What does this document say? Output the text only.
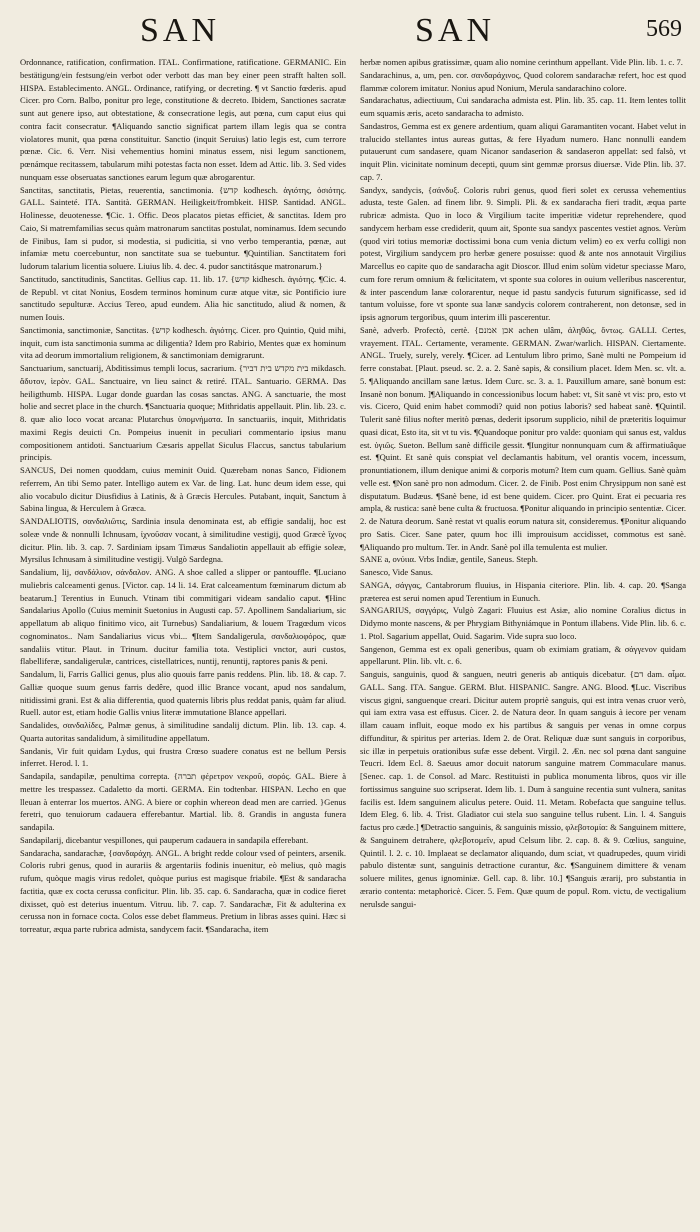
SAN	SAN	569

Ordonnance, ratification, confirmation. ITAL. Confirmatione, ratificatione. GERMANIC. Ein bestätigung/ein festsung/ein verbot oder verbott das man bey einer peen strafft halten soll. HISPA. Establecimento. ANGL. Ordinance, ratifying, or decreting. ¶ vt Sanctio fœderis. apud Cicer. pro Corn. Balbo, ponitur pro lege, constitutione & decreto. Ibidem, Sanctiones sacratæ sunt aut genere ipso, aut obtestatione, & consecratione legis, aut pœna, cum caput eius qui contra facit consecratur. ¶Aliquando sanctio significat partem illam legis qua se contra violatores munit, qua pœna constituitur. Sanctio (inquit Seruius) latio legis est, cum terrore pœnæ. Cic. 6. Verr. Nisi vehementius homini minatus essem, nisi legum sanctionem, pœnámque recitassem, tabularum mihi potestas facta non esset. Idem ad Attic. lib. 3. Sed vides nunquam esse obseruatas sanctiones earum legum quæ abrogarentur.

Sanctitas, sanctitatis, Pietas, reuerentia, sanctimonia. {קדש kodhesch. ἁγιότης, ὁσιότης. GALL. Sainteté. ITA. Santità. GERMAN. Heiligkeit/frombkeit. HISP. Santidad. ANGL. Holinesse, deuotenesse. ¶Cic. 1. Offic. Deos placatos pietas efficiet, & sanctitas. Idem pro Caio, Si matremfamilias secus quàm matronarum sanctitas postulat, nominamus. Idem secundo de Finibus, Iam si pudor, si modestia, si pudicitia, si vno verbo temperantia, pœnæ, aut infamiæ metu coercebuntur, non sanctitate sua se tuebuntur. ¶Quintilian. Sanctitatem fori ludorum talarium licentia soluere. Liuius lib. 4. dec. 4. pudor sanctitásque matronarum.}

Sanctitudo, sanctitudinis, Sanctitas. Gellius cap. 11. lib. 17. {קדש kidhesch. ἁγιότης. ¶Cic. 4. de Republ. vt citat Nonius, Eosdem terminos hominum curæ atque vitæ, sic Pontificio iure sanctitudo sepulturæ. Accius Tereo, apud eundem. Alia hic sanctitudo, aliud & nomen, & numen Iouis.

Sanctimonia, sanctimoniæ, Sanctitas. {קדש kodhesch. ἁγιότης. Cicer. pro Quintio, Quid mihi, inquit, cum ista sanctimonia summa ac diligentia? Idem pro Rabirio, Mentes quæ ex hominum vita ad deorum immortalium religionem, & sanctimoniam demigrarunt.

Sanctuarium, sanctuarij, Abditissimus templi locus, sacrarium. {בית מקדש בית דביר mikdasch. ἄδυτον, ἱερὸν. GAL. Sanctuaire, vn lieu sainct & retiré. ITAL. Santuario. GERMA. Das heiligthumb. HISPA. Lugar donde guardan las cosas sanctas. ANG. A sanctuarie, the most holie and secret place in the church. ¶Sanctuaria quoque; Mithridatis appellauit. Plin. lib. 23. c. 8. quæ alio loco vocat arcana: Plutarchus ὑπομνήματα. In sanctuariis, inquit, Mithridatis maximi Regis deuicti Cn. Pompeius inuenit in peculiari commentario ipsius manu compositionem antidoti. Sanctuarium Cæsaris appellat Siculus Flaccus, sanctus tabularium principis.

SANCUS, Dei nomen quoddam, cuius meminit Ouid. Quærebam nonas Sanco, Fidionem referrem, An tibi Semo pater. Intelligo autem ex Var. de ling. Lat. hunc deum idem esse, qui alio vocabulo dicitur Diusfidius à Latinis, & à Græcis Hercules. Putabant, inquit, Sanctum à Sabina lingua, & Herculem à Græca.

SANDALIOTIS, σανδαλιῶτις, Sardinia insula denominata est, ab effigie sandalij, hoc est soleæ vnde & nonnulli Ichnusam, ἰχνοῦσαν vocant, à similitudine vestigij, quod Græcè ἴχνος dicitur. Plin. lib. 3. cap. 7. Sardiniam ipsam Timæus Sandaliotin appellauit ab effigie soleæ, Myrsilus Ichnusam à similitudine vestigij. Vulgò Sardegna.

Sandalium, lij, σανδάλιον, σάνδαλον. ANG. A shoe called a slipper or pantouffle. ¶Luciano muliebris calceamenti genus. [Victor. cap. 14 li. 14. Erat calceamentum fœminarum dictum ab beatarum.] Terentius in Eunuch. Vtinam tibi commitigari videam sandalio caput. ¶Hinc Sandalarius Apollo (Cuius meminit Suetonius in Augusti cap. 57. Apollinem Sandaliarium, sic appellatum ab aliquo finitimo vico, ait Turnebus) Sandaliarium, & louem Tragœdum vicos cognominatos.. Nam Sandaliarius vicus vbi... ¶Item Sandaligerula, σανδαλιοφόρος, quæ sandaliis vtitur. Plaut. in Trinum. ducitur familia tota. Vestiplici vnctor, auri custos, flabelliferæ, sandaligerulæ, cantrices, cistellatrices, nuntij, renuntij, raptores panis & peni.

Sandalum, li, Farris Gallici genus, plus alio quouis farre panis reddens. Plin. lib. 18. & cap. 7. Galliæ quoque suum genus farris dedêre, quod illic Brance vocant, apud nos sandalum, nitidissimi grani. Est & alia differentia, quod quaternis libris plus reddat panis, quàm far aliud. Ruell. autor est, etiam hodie Gallis vnius literæ immutatione Blance appellari.

Sandalides, σανδαλίδες, Palmæ genus, à similitudine sandalij dictum. Plin. lib. 13. cap. 4. Quarta autoritas sandalidum, à similitudine appellatum.

Sandanis, Vir fuit quidam Lydus, qui frustra Crœso suadere conatus est ne bellum Persis inferret. Herod. l. 1.

Sandapila, sandapilæ, penultima correpta. {תברה φέρετρον νεκροῦ, σορός. GAL. Biere à mettre les trespassez. Cadaletto da morti. GERMA. Ein todtenbar. HISPAN. Lecho en que lleuan à enterrar los muertos. ANG. A biere or cophin whereon dead men are carried. }Genus feretri, quo tenuiorum cadauera efferebantur. Martial. lib. 8. Grandis in angusta funera sandapila.

Sandapilarij, dicebantur vespillones, qui pauperum cadauera in sandapila efferebant.

Sandaracha, sandarachæ, {σανδαράχη. ANGL. A bright redde colour vsed of peinters, arsenik. Coloris rubri genus, quod in aurariis & argentariis fodinis inuenitur, eò melius, quò magis rufum, quòque magis virus redolet, quòque purius est magisque friabile. ¶Est & sandaracha factitia, quæ ex cocta cerussa conficitur. Plin. lib. 35. cap. 6. Sandaracha, quæ in codice fieret dixisset, quò est deterius inuentum. Vitruu. lib. 7. cap. 7. Sandarachæ, Fit & adulterina ex cerussa non in fornace cocta. Colos esse debet flammeus. Pretium in libras asses quini. Hæc si torreatur, æqua parte rubrica admista, sandycem facit. ¶Sandaracha, item

herbæ nomen apibus gratissimæ, quam alio nomine cerinthum appellant. Vide Plin. lib. 1. c. 7.

Sandarachinus, a, um, pen. cor. σανδαράχινος, Quod colorem sandarachæ refert, hoc est quod flammæ colorem imitatur. Nonius apud Nonium, Merula sandarachino colore.

Sandarachatus, adiectiuum, Cui sandaracha admista est. Plin. lib. 35. cap. 11. Item lentes tollit eum squamis æris, aceto sandaracha to admisto.

Sandastros, Gemma est ex genere ardentium, quam aliqui Garamantiten vocant. Habet velut in tralucido stellantes intus aureas guttas, & fere Hyadum numero. Hanc nonnulli eandem putauerunt cum sandasere, quam Nicanor sandaserion & sandaseron appellat: sed falsò, vt inquit Plin. vicinitate nominum decepti, quum sint gemmæ prorsus diuersæ. Vide Plin. lib. 37. cap. 7.

Sandyx, sandycis, {σάνδυξ. Coloris rubri genus, quod fieri solet ex cerussa vehementius adusta, teste Galen. ad finem libr. 9. Simpli. Pli. & ex sandaracha fieri tradit, æqua parte rubricæ admista. Quo in loco & Virgilium tacite imperitiæ videtur reprehendere, quod sandycem herbam esse crediderit, quum ait, Sponte sua sandyx pascentes vestiet agnos. Verùm (quod viri totius memoriæ doctissimi bona cum venia dictum velim) eo ex verfu colligi non potest, Virgilium sandycem pro herbæ genere posuisse: quod & ante nos annotauit Virgilius Marcellus eo capite quo de sandaracha agit Dioscor. Illud enim solùm videtur speciasse Maro, cum fore rerum omnium & fœlicitatem, vt sponte sua colores in ouium velleribus nascerentur, & inter pascendum lanæ colorarentur, neque id pastu sandycis futurum significasse, sed id tantum voluisse, fore vt sponte sua lanæ sandycis colorem contraherent, non detonsæ, sed in ipsis agnorum tergoribus, quum interim illi pascerentur.

Sanè, adverb. Profectò, certè. {אכן אמנם achen ulâm, ἀληθῶς, ὄντως. GALLI. Certes, vrayement. ITAL. Certamente, veramente. GERMAN. Zwar/warlich. HISPAN. Ciertamente. ANGL. Truely, surely, verely. ¶Cicer. ad Lentulum libro primo, Sanè multi ne Pompeium id ferre constabat. [Plaut. pseud. sc. 2. a. 2. Sanè sapis, & consilium placet. Idem Men. sc. vlt. a. 5. ¶Aliquando ancillam sane lætus. Idem Curc. sc. 3. a. 1. Pauxillum amare, sanè bonum est: Insanè non bonum. ]¶Aliquando in concessionibus locum habet: vt, Sit sanè vt vis: pro, esto vt vis. Cicero, Quid enim habet commodi? quid non potius laboris? sed habeat sanè. ¶Quintil. Tulerit sanè filius nofter meritò pœnas, dederit ipsorum supplicio, nihil de præteritis loquimur quasi dicat, Esto ita, sit vt tu vis. ¶Quandoque ponitur pro valde: quoniam qui sanus est, valdus est. ὑγιῶς. Sueton. Bellum sanè difficile gessit. ¶Iungitur nonnunquam cum & affirmatiuâque est. ¶Quint. Et sanè quis conspiat vel declamantis habitum, vel orantis vocem, incessum, pronuntiationem, illum denique animi & corporis motum? Item cum quam. Gellius. Sanè quàm velle est. ¶Non sanè pro non admodum. Cicer. 2. de Finib. Post enim Chrysippum non sanè est disputatum. Budæus. ¶Sanè bene, id est bene quidem. Cicer. pro Quint. Erat ei pecuaria res ampla, & rustica: sanè bene culta & fructuosa. ¶Ponitur aliquando in principio sententiæ. Cicer. 2. de Natura deorum. Sanè restat vt qualis eorum natura sit, consideremus. ¶Ponitur aliquando pro Satis. Cicer. Sane pater, quum hoc illi improuisum accidisset, commotus est sanè. ¶Aliquando pro multum. Ter. in Andr. Sanè pol illa temulenta est mulier.

SANE a, ονύιια. Vrbs Indiæ, gentile, Saneus. Steph.

Sanesco, Vide Sanus.

SANGA, σάγγας, Cantabrorum fluuius, in Hispania citeriore. Plin. lib. 4. cap. 20. ¶Sanga præterea est serui nomen apud Terentium in Eunuch.

SANGARIUS, σαγγάρις, Vulgò Zagari: Fluuius est Asiæ, alio nomine Coralius dictus in Didymo monte nascens, & per Phrygiam Bithyniámque in Pontum illabens. Vide Plin. lib. 6. c. 1. Ptol. Sagarium appellat, Ouid. Sagarim. Vide supra suo loco.

Sangenon, Gemma est ex opali generibus, quam ob eximiam gratiam, & σάγγενον quidam appellarunt. Plin. lib. vlt. c. 6.

Sanguis, sanguinis, quod & sanguen, neutri generis ab antiquis dicebatur. {דם dam. αἷμα. GALL. Sang. ITA. Sangue. GERM. Blut. HISPANIC. Sangre. ANG. Blood. ¶Luc. Viscribus viscus gigni, sanguenque creari. Dicitur autem propriè sanguis, qui est intra venas cruor verò, qui iam extra vasa est effusus. Cicer. 2. de Natura deor. In quam sanguis à iecore per venam illam cauam influit, eoque modo ex his partibus & sanguis per venas in omne corpus diffunditur, & spiritus per arterias. Idem 2. de Orat. Reliquæ duæ sunt sanguis in corporibus, sic illæ in perpetuis orationibus sufæ esse debent. Virgil. 2. Æn. nec sol pœna dant sanguine Teucri. Idem Ecl. 8. Saeuus amor docuit natorum sanguine matrem Commaculare manus. [Senec. cap. 1. de Consol. ad Marc. Restituisti in publica monumenta libros, quos vir ille fortissimus sanguine suo scripserat. Idem lib. 1. Dum à sanguine recentia sunt vulnera, sanitas facilis est. Idem sanguinem aliculus petere. Ouid. 11. Metam. Robefacta que sanguine tellus. Idem Eleg. 6. lib. 4. Trist. Gladiator cui stela suo sanguine tellus rubent. Lin. l. 4. Sanguis factus pro cæde.] ¶Detractio sanguinis, & sanguinis missio, φλεβοτομία: & Sanguinem mittere, & Sanguinem detrahere, φλεβοτομεῖν, apud Celsum libr. 2. cap. 8. & 9. Cœlius, sanguine, Quintil. l. 2. c. 10. Implaeat se declamator aliquando, dum sciat, vt quadrupedes, quum viridi pabulo distentæ sunt, sanguinis detractione curantur, &c. ¶Sanguinem dimittere & venam soluere milites, genus ignominiæ. Gell. cap. 8. libr. 10.] ¶Sanguis ærarij, pro substantia in ærario contenta: metaphoricè. Cicer. 5. Fem. Quæ quum de popul. Rom. victu, de vectigalium nerulsde sangui-
